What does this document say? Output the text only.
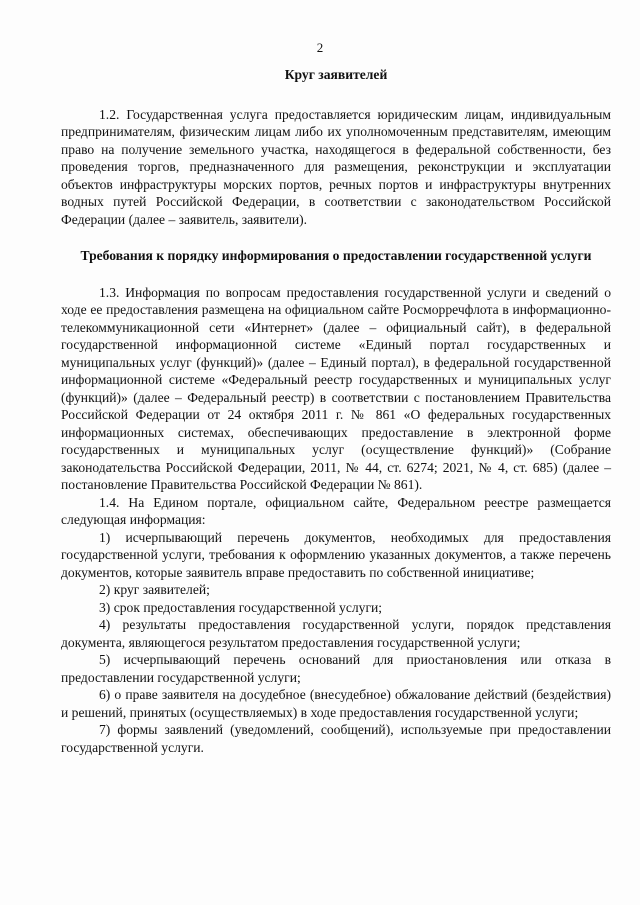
2

Круг заявителей

1.2. Государственная услуга предоставляется юридическим лицам, индивидуальным предпринимателям, физическим лицам либо их уполномоченным представителям, имеющим право на получение земельного участка, находящегося в федеральной собственности, без проведения торгов, предназначенного для размещения, реконструкции и эксплуатации объектов инфраструктуры морских портов, речных портов и инфраструктуры внутренних водных путей Российской Федерации, в соответствии с законодательством Российской Федерации (далее – заявитель, заявители).

Требования к порядку информирования о предоставлении государственной услуги

1.3. Информация по вопросам предоставления государственной услуги и сведений о ходе ее предоставления размещена на официальном сайте Росморречфлота в информационно-телекоммуникационной сети «Интернет» (далее – официальный сайт), в федеральной государственной информационной системе «Единый портал государственных и муниципальных услуг (функций)» (далее – Единый портал), в федеральной государственной информационной системе «Федеральный реестр государственных и муниципальных услуг (функций)» (далее – Федеральный реестр) в соответствии с постановлением Правительства Российской Федерации от 24 октября 2011 г. № 861 «О федеральных государственных информационных системах, обеспечивающих предоставление в электронной форме государственных и муниципальных услуг (осуществление функций)» (Собрание законодательства Российской Федерации, 2011, № 44, ст. 6274; 2021, № 4, ст. 685) (далее – постановление Правительства Российской Федерации № 861).

1.4. На Едином портале, официальном сайте, Федеральном реестре размещается следующая информация:

1) исчерпывающий перечень документов, необходимых для предоставления государственной услуги, требования к оформлению указанных документов, а также перечень документов, которые заявитель вправе предоставить по собственной инициативе;

2) круг заявителей;

3) срок предоставления государственной услуги;

4) результаты предоставления государственной услуги, порядок представления документа, являющегося результатом предоставления государственной услуги;

5) исчерпывающий перечень оснований для приостановления или отказа в предоставлении государственной услуги;

6) о праве заявителя на досудебное (внесудебное) обжалование действий (бездействия) и решений, принятых (осуществляемых) в ходе предоставления государственной услуги;

7) формы заявлений (уведомлений, сообщений), используемые при предоставлении государственной услуги.
